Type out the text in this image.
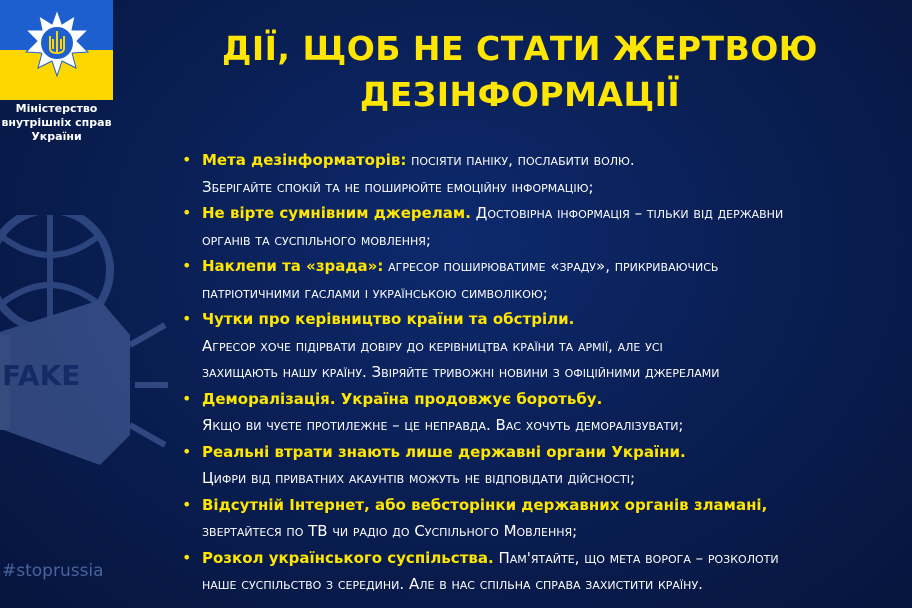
Міністерство
внутрішніх справ
України
ДІЇ, ЩОБ НЕ СТАТИ ЖЕРТВОЮ
ДЕЗІНФОРМАЦІЇ
FAKE
#stoprussia
• Мета дезінформаторів: посіяти паніку, послабити волю.
Зберігайте спокій та не поширюйте емоційну інформацію;
• Не вірте сумнівним джерелам. Достовірна інформація – тільки від державни
органів та суспільного мовлення;
• Наклепи та «зрада»: агресор поширюватиме «зраду», прикриваючись
патріотичними гаслами і українською символікою;
• Чутки про керівництво країни та обстріли.
Агресор хоче підірвати довіру до керівництва країни та армії, але усі
захищають нашу країну. Звіряйте тривожні новини з офіційними джерелами
• Деморалізація. Україна продовжує боротьбу.
Якщо ви чуєте протилежне – це неправда. Вас хочуть деморалізувати;
• Реальні втрати знають лише державні органи України.
Цифри від приватних акаунтів можуть не відповідати дійсності;
• Відсутній Інтернет, або вебсторінки державних органів зламані,
звертайтеся по ТВ чи радіо до Суспільного Мовлення;
• Розкол українського суспільства. Пам'ятайте, що мета ворога – розколоти
наше суспільство з середини. Але в нас спільна справа захистити країну.
